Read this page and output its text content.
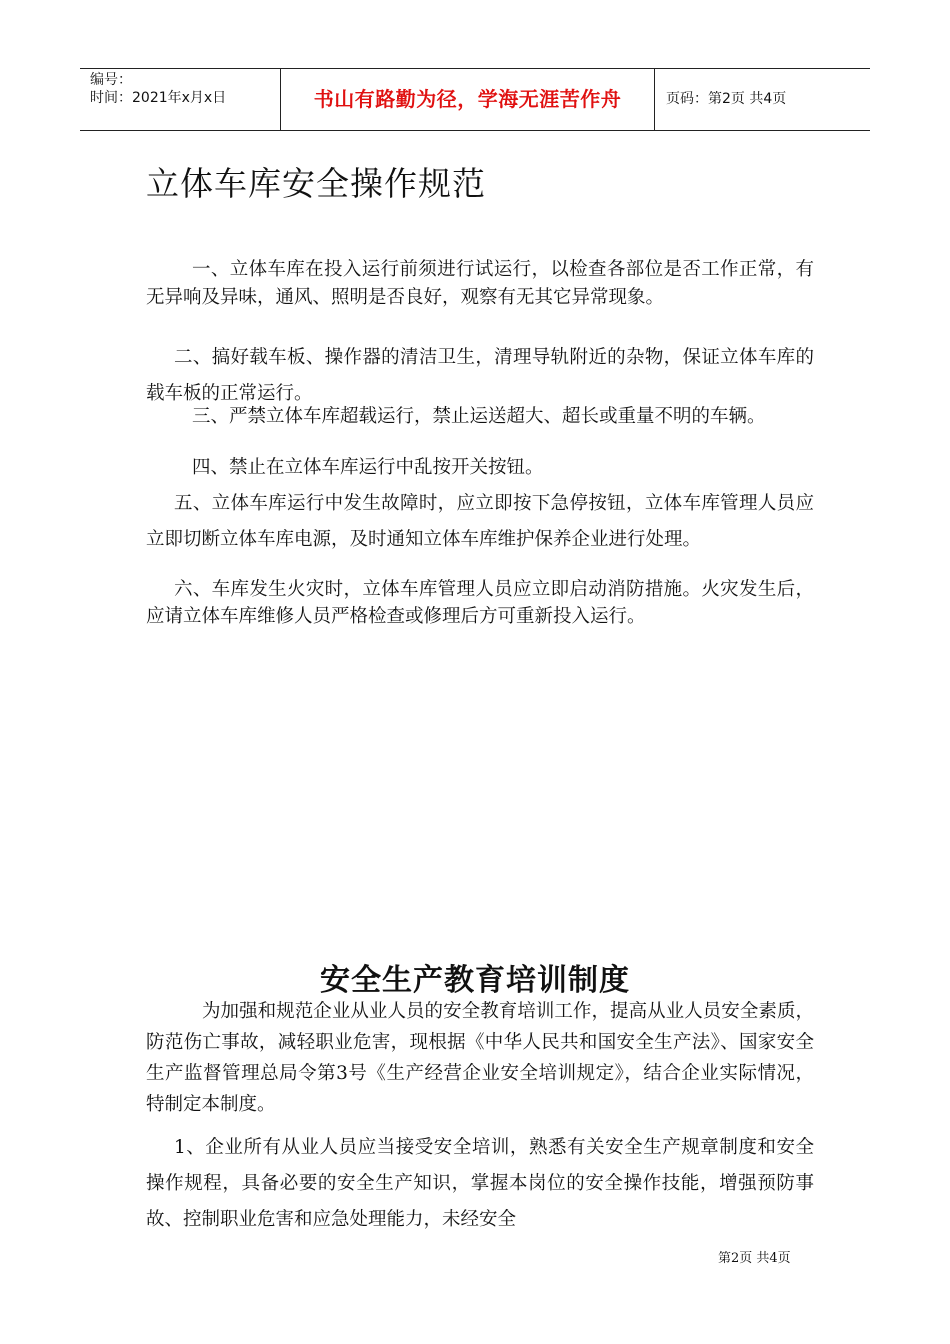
编号：
时间：2021年x月x日	书山有路勤为径，学海无涯苦作舟	页码：第2页 共4页
立体车库安全操作规范

一、立体车库在投入运行前须进行试运行，以检查各部位是否工作正常，有无异响及异味，通风、照明是否良好，观察有无其它异常现象。

二、搞好载车板、操作器的清洁卫生，清理导轨附近的杂物，保证立体车库的载车板的正常运行。

三、严禁立体车库超载运行，禁止运送超大、超长或重量不明的车辆。

四、禁止在立体车库运行中乱按开关按钮。

五、立体车库运行中发生故障时，应立即按下急停按钮，立体车库管理人员应立即切断立体车库电源，及时通知立体车库维护保养企业进行处理。

六、车库发生火灾时，立体车库管理人员应立即启动消防措施。火灾发生后，应请立体车库维修人员严格检查或修理后方可重新投入运行。

安全生产教育培训制度

为加强和规范企业从业人员的安全教育培训工作，提高从业人员安全素质，防范伤亡事故，减轻职业危害，现根据《中华人民共和国安全生产法》、国家安全生产监督管理总局令第3号《生产经营企业安全培训规定》，结合企业实际情况，特制定本制度。

1、企业所有从业人员应当接受安全培训，熟悉有关安全生产规章制度和安全操作规程，具备必要的安全生产知识，掌握本岗位的安全操作技能，增强预防事故、控制职业危害和应急处理能力，未经安全

第2页 共4页
